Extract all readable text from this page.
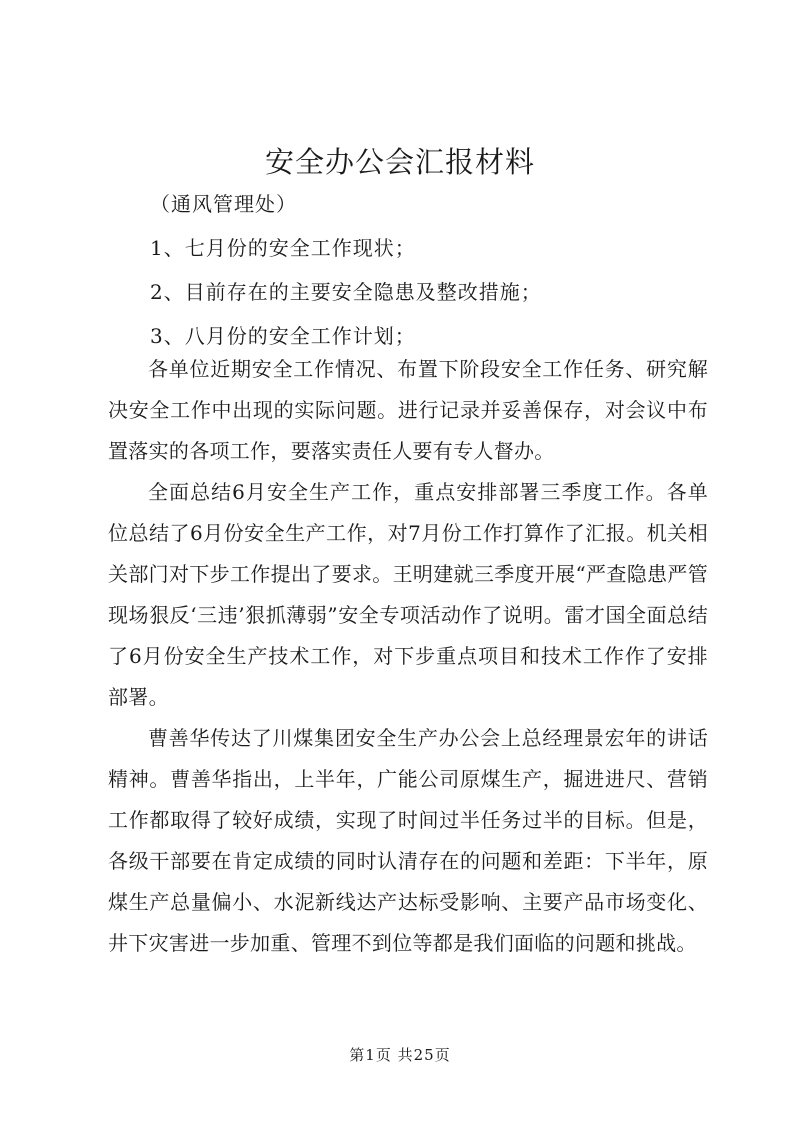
安全办公会汇报材料
（通风管理处）
1、七月份的安全工作现状；
2、目前存在的主要安全隐患及整改措施；
3、八月份的安全工作计划；

各单位近期安全工作情况、布置下阶段安全工作任务、研究解决安全工作中出现的实际问题。进行记录并妥善保存，对会议中布置落实的各项工作，要落实责任人要有专人督办。

全面总结6月安全生产工作，重点安排部署三季度工作。各单位总结了6月份安全生产工作，对7月份工作打算作了汇报。机关相关部门对下步工作提出了要求。王明建就三季度开展“严查隐患严管现场狠反‘三违’狠抓薄弱”安全专项活动作了说明。雷才国全面总结了6月份安全生产技术工作，对下步重点项目和技术工作作了安排部署。

曹善华传达了川煤集团安全生产办公会上总经理景宏年的讲话精神。曹善华指出，上半年，广能公司原煤生产，掘进进尺、营销工作都取得了较好成绩，实现了时间过半任务过半的目标。但是，各级干部要在肯定成绩的同时认清存在的问题和差距：下半年，原煤生产总量偏小、水泥新线达产达标受影响、主要产品市场变化、井下灾害进一步加重、管理不到位等都是我们面临的问题和挑战。

第1页 共25页
